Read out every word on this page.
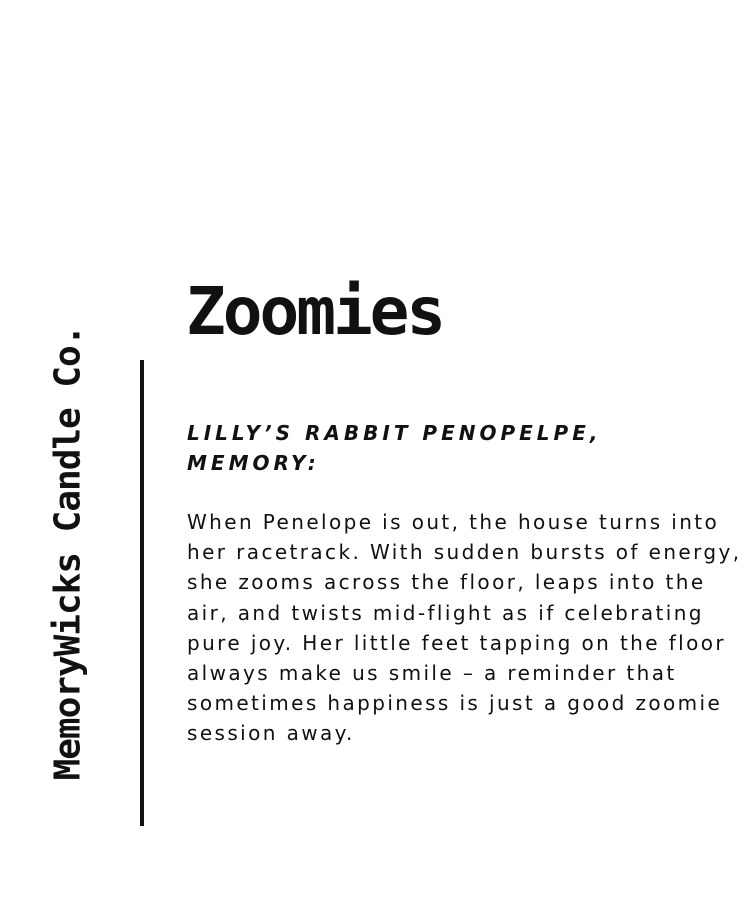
MemoryWicks Candle Co.
Zoomies

LILLY’S RABBIT PENOPELPE, MEMORY:

When Penelope is out, the house turns into her racetrack. With sudden bursts of energy, she zooms across the floor, leaps into the air, and twists mid-flight as if celebrating pure joy. Her little feet tapping on the floor always make us smile – a reminder that sometimes happiness is just a good zoomie session away.
